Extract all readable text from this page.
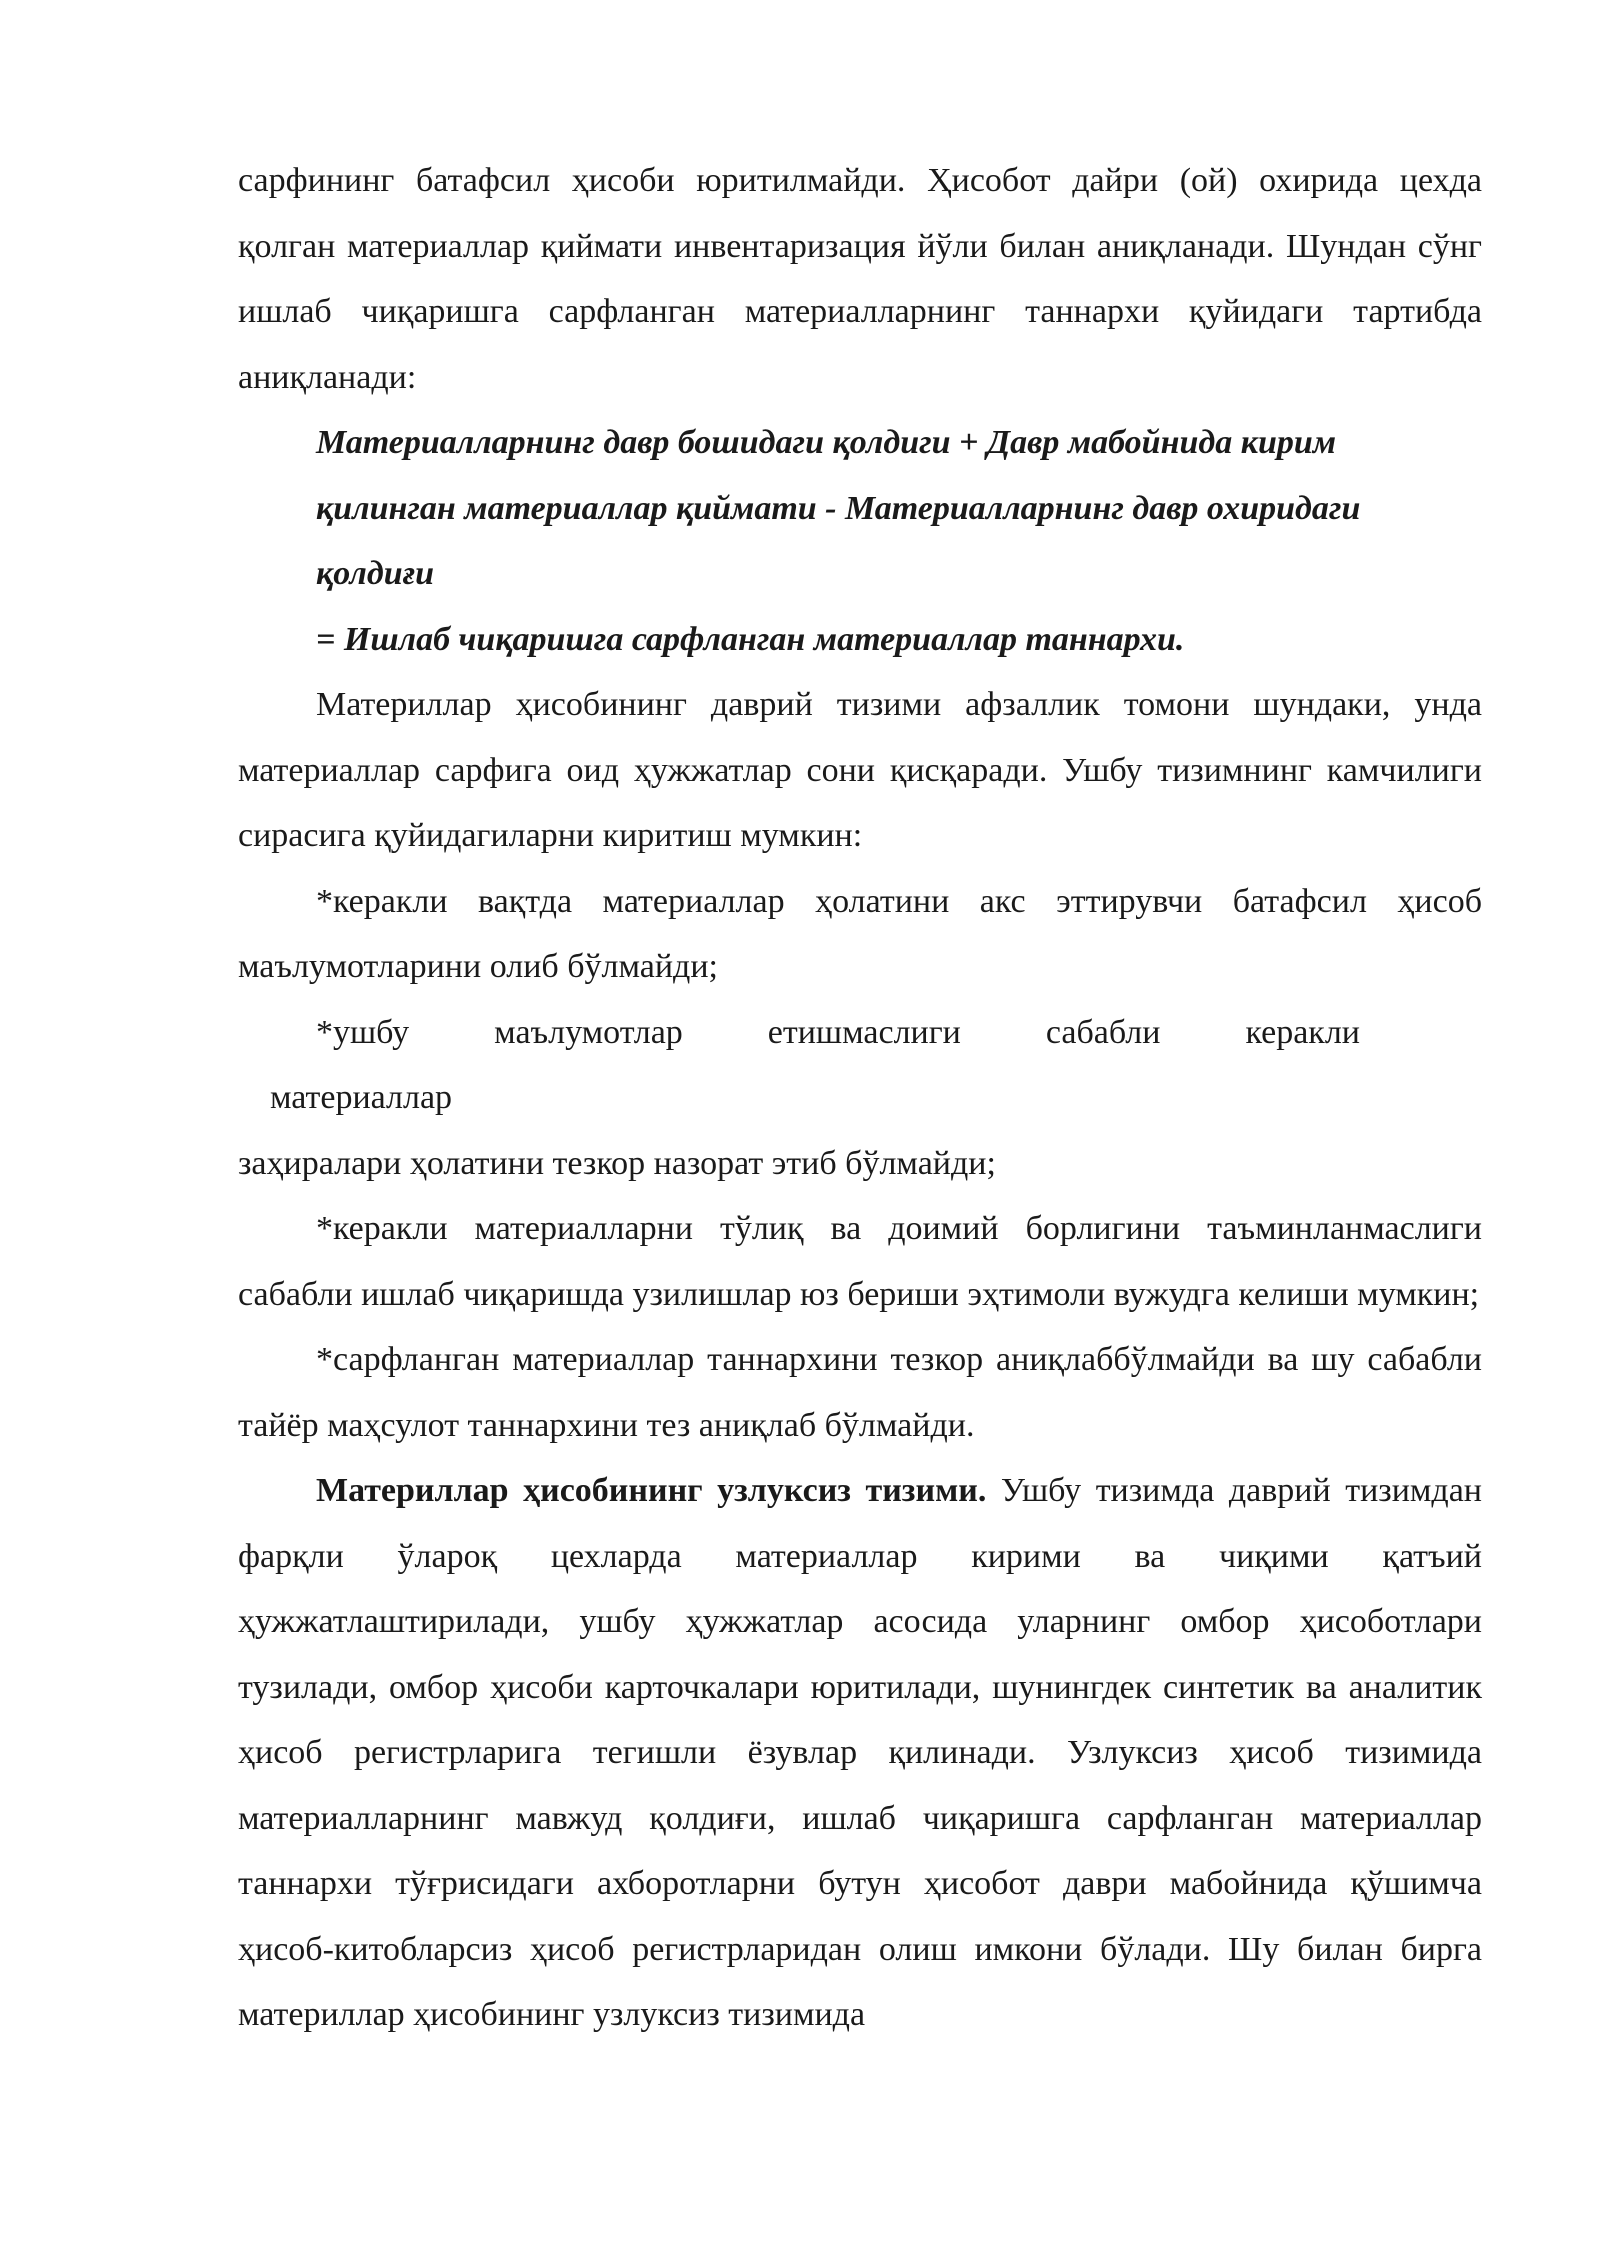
сарфининг батафсил ҳисоби юритилмайди. Ҳисобот дайри (ой) охирида цехда қолган материаллар қиймати инвентаризация йўли билан аниқланади. Шундан сўнг ишлаб чиқаришга сарфланган материалларнинг таннархи қуйидаги тартибда аниқланади:

Материалларнинг давр бошидаги қолдиги + Давр мабойнида кирим

қилинган материаллар қиймати - Материалларнинг давр охиридаги

қолдиғи

= Ишлаб чиқаришга сарфланган материаллар таннархи.

Материллар ҳисобининг даврий тизими афзаллик томони шундаки, унда материаллар сарфига оид ҳужжатлар сони қисқаради. Ушбу тизимнинг камчилиги сирасига қуйидагиларни киритиш мумкин:

*керакли вақтда материаллар ҳолатини акс эттирувчи батафсил ҳисоб маълумотларини олиб бўлмайди;

*ушбу маълумотлар етишмаслиги сабабли керакли

материаллар

заҳиралари ҳолатини тезкор назорат этиб бўлмайди;

*керакли материалларни тўлиқ ва доимий борлигини таъминланмаслиги сабабли ишлаб чиқаришда узилишлар юз бериши эҳтимоли вужудга келиши мумкин;

*сарфланган материаллар таннархини тезкор аниқлаббўлмайди ва шу сабабли тайёр маҳсулот таннархини тез аниқлаб бўлмайди.

Материллар ҳисобининг узлуксиз тизими. Ушбу тизимда даврий тизимдан фарқли ўлароқ цехларда материаллар кирими ва чиқими қатъий ҳужжатлаштирилади, ушбу ҳужжатлар асосида уларнинг омбор ҳисоботлари тузилади, омбор ҳисоби карточкалари юритилади, шунингдек синтетик ва аналитик ҳисоб регистрларига тегишли ёзувлар қилинади. Узлуксиз ҳисоб тизимида материалларнинг мавжуд қолдиғи, ишлаб чиқаришга сарфланган материаллар таннархи тўғрисидаги ахборотларни бутун ҳисобот даври мабойнида қўшимча ҳисоб-китобларсиз ҳисоб регистрларидан олиш имкони бўлади. Шу билан бирга материллар ҳисобининг узлуксиз тизимида
